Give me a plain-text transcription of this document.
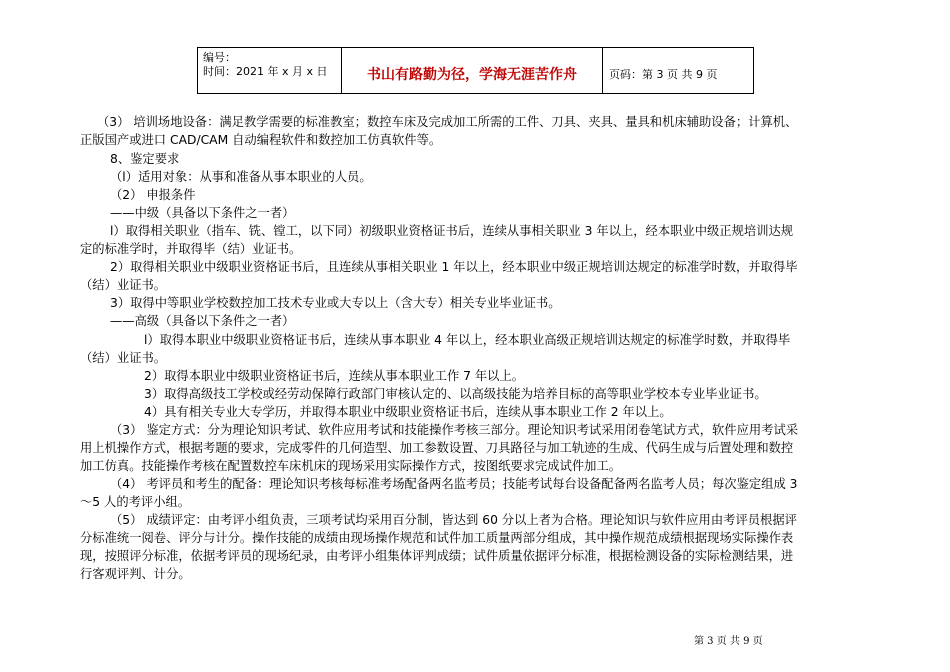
编号：
时间：2021 年 x 月 x 日	书山有路勤为径，学海无涯苦作舟	页码：第 3 页 共 9 页
（3） 培训场地设备：满足教学需要的标准教室；数控车床及完成加工所需的工件、刀具、夹具、量具和机床辅助设备；计算机、
正版国产或进口 CAD/CAM 自动编程软件和数控加工仿真软件等。
8、鉴定要求
（l）适用对象：从事和准备从事本职业的人员。
（2） 申报条件
——中级（具备以下条件之一者）
l）取得相关职业（指车、铣、镗工，以下同）初级职业资格证书后，连续从事相关职业 3 年以上，经本职业中级正规培训达规
定的标准学时，并取得毕（结）业证书。
2）取得相关职业中级职业资格证书后，且连续从事相关职业 1 年以上，经本职业中级正规培训达规定的标准学时数，并取得毕
（结）业证书。
3）取得中等职业学校数控加工技术专业或大专以上（含大专）相关专业毕业证书。
——高级（具备以下条件之一者）
l）取得本职业中级职业资格证书后，连续从事本职业 4 年以上，经本职业高级正规培训达规定的标准学时数，并取得毕
（结）业证书。
2）取得本职业中级职业资格证书后，连续从事本职业工作 7 年以上。
3）取得高级技工学校或经劳动保障行政部门审核认定的、以高级技能为培养目标的高等职业学校本专业毕业证书。
4）具有相关专业大专学历，并取得本职业中级职业资格证书后，连续从事本职业工作 2 年以上。
（3） 鉴定方式：分为理论知识考试、软件应用考试和技能操作考核三部分。理论知识考试采用闭卷笔试方式，软件应用考试采
用上机操作方式，根据考题的要求，完成零件的几何造型、加工参数设置、刀具路径与加工轨迹的生成、代码生成与后置处理和数控
加工仿真。技能操作考核在配置数控车床机床的现场采用实际操作方式，按图纸要求完成试件加工。
（4） 考评员和考生的配备：理论知识考核每标准考场配备两名监考员；技能考试每台设备配备两名监考人员；每次鉴定组成 3
～5 人的考评小组。
（5） 成绩评定：由考评小组负责，三项考试均采用百分制，皆达到 60 分以上者为合格。理论知识与软件应用由考评员根据评
分标准统一阅卷、评分与计分。操作技能的成绩由现场操作规范和试件加工质量两部分组成，其中操作规范成绩根据现场实际操作表
现，按照评分标准，依据考评员的现场纪录，由考评小组集体评判成绩；试件质量依据评分标准，根据检测设备的实际检测结果，进
行客观评判、计分。
第 3 页 共 9 页
